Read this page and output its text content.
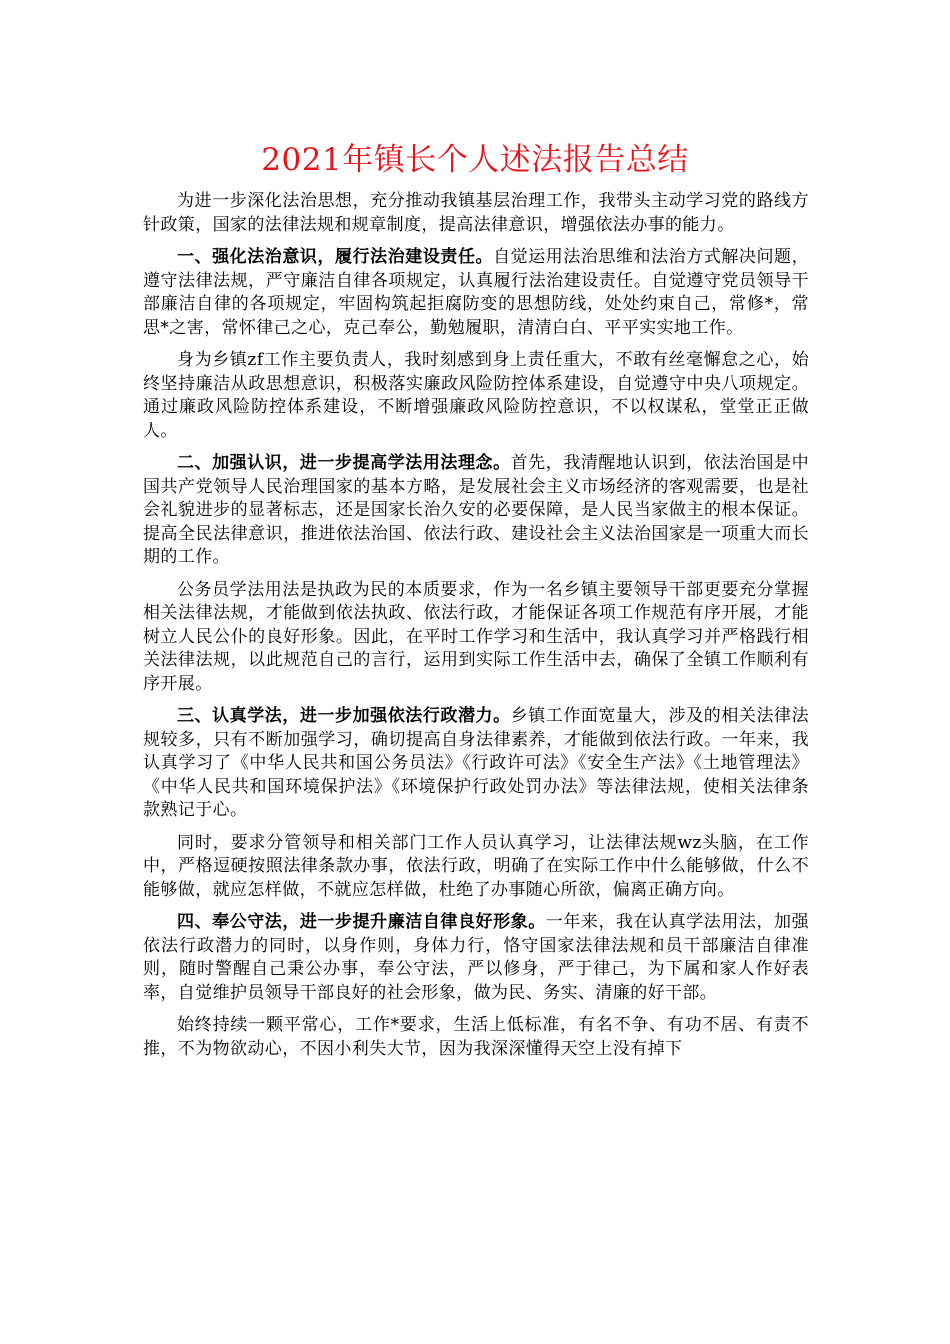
2021年镇长个人述法报告总结

为进一步深化法治思想，充分推动我镇基层治理工作，我带头主动学习党的路线方针政策，国家的法律法规和规章制度，提高法律意识，增强依法办事的能力。

一、强化法治意识，履行法治建设责任。自觉运用法治思维和法治方式解决问题，遵守法律法规，严守廉洁自律各项规定，认真履行法治建设责任。自觉遵守党员领导干部廉洁自律的各项规定，牢固构筑起拒腐防变的思想防线，处处约束自己，常修*，常思*之害，常怀律己之心，克己奉公，勤勉履职，清清白白、平平实实地工作。

身为乡镇zf工作主要负责人，我时刻感到身上责任重大，不敢有丝毫懈怠之心，始终坚持廉洁从政思想意识，积极落实廉政风险防控体系建设，自觉遵守中央八项规定。通过廉政风险防控体系建设，不断增强廉政风险防控意识，不以权谋私，堂堂正正做人。

二、加强认识，进一步提高学法用法理念。首先，我清醒地认识到，依法治国是中国共产党领导人民治理国家的基本方略，是发展社会主义市场经济的客观需要，也是社会礼貌进步的显著标志，还是国家长治久安的必要保障，是人民当家做主的根本保证。提高全民法律意识，推进依法治国、依法行政、建设社会主义法治国家是一项重大而长期的工作。

公务员学法用法是执政为民的本质要求，作为一名乡镇主要领导干部更要充分掌握相关法律法规，才能做到依法执政、依法行政，才能保证各项工作规范有序开展，才能树立人民公仆的良好形象。因此，在平时工作学习和生活中，我认真学习并严格践行相关法律法规，以此规范自己的言行，运用到实际工作生活中去，确保了全镇工作顺利有序开展。

三、认真学法，进一步加强依法行政潜力。乡镇工作面宽量大，涉及的相关法律法规较多，只有不断加强学习，确切提高自身法律素养，才能做到依法行政。一年来，我认真学习了《中华人民共和国公务员法》《行政许可法》《安全生产法》《土地管理法》《中华人民共和国环境保护法》《环境保护行政处罚办法》等法律法规，使相关法律条款熟记于心。

同时，要求分管领导和相关部门工作人员认真学习，让法律法规wz头脑，在工作中，严格逗硬按照法律条款办事，依法行政，明确了在实际工作中什么能够做，什么不能够做，就应怎样做，不就应怎样做，杜绝了办事随心所欲，偏离正确方向。

四、奉公守法，进一步提升廉洁自律良好形象。一年来，我在认真学法用法，加强依法行政潜力的同时，以身作则，身体力行，恪守国家法律法规和员干部廉洁自律准则，随时警醒自己秉公办事，奉公守法，严以修身，严于律己，为下属和家人作好表率，自觉维护员领导干部良好的社会形象，做为民、务实、清廉的好干部。

始终持续一颗平常心，工作*要求，生活上低标准，有名不争、有功不居、有责不推，不为物欲动心，不因小利失大节，因为我深深懂得天空上没有掉下
